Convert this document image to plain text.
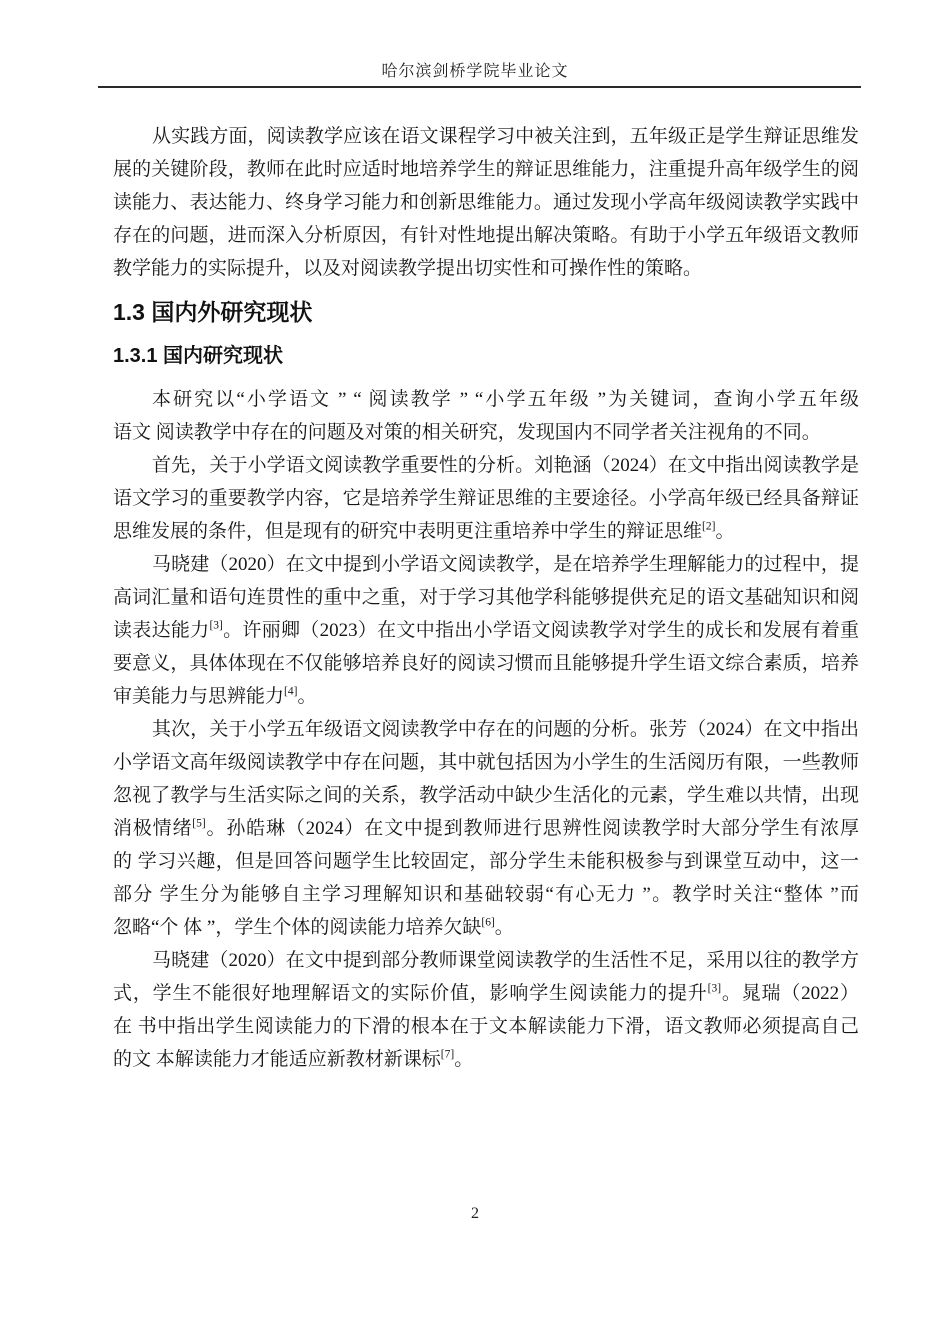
哈尔滨剑桥学院毕业论文
从实践方面，阅读教学应该在语文课程学习中被关注到，五年级正是学生辩证思维发
展的关键阶段，教师在此时应适时地培养学生的辩证思维能力，注重提升高年级学生的阅
读能力、表达能力、终身学习能力和创新思维能力。通过发现小学高年级阅读教学实践中
存在的问题，进而深入分析原因，有针对性地提出解决策略。有助于小学五年级语文教师
教学能力的实际提升，以及对阅读教学提出切实性和可操作性的策略。
1.3 国内外研究现状
1.3.1 国内研究现状
本研究以“小学语文 ” “ 阅读教学 ” “小学五年级 ”为关键词，查询小学五年级
语文 阅读教学中存在的问题及对策的相关研究，发现国内不同学者关注视角的不同。
首先，关于小学语文阅读教学重要性的分析。刘艳涵（2024）在文中指出阅读教学是
语文学习的重要教学内容，它是培养学生辩证思维的主要途径。小学高年级已经具备辩证
思维发展的条件，但是现有的研究中表明更注重培养中学生的辩证思维[2]。
马晓建（2020）在文中提到小学语文阅读教学，是在培养学生理解能力的过程中，提
高词汇量和语句连贯性的重中之重，对于学习其他学科能够提供充足的语文基础知识和阅
读表达能力[3]。许丽卿（2023）在文中指出小学语文阅读教学对学生的成长和发展有着重
要意义，具体体现在不仅能够培养良好的阅读习惯而且能够提升学生语文综合素质，培养
审美能力与思辨能力[4]。
其次，关于小学五年级语文阅读教学中存在的问题的分析。张芳（2024）在文中指出
小学语文高年级阅读教学中存在问题，其中就包括因为小学生的生活阅历有限，一些教师
忽视了教学与生活实际之间的关系，教学活动中缺少生活化的元素，学生难以共情，出现
消极情绪[5]。孙皓琳（2024）在文中提到教师进行思辨性阅读教学时大部分学生有浓厚
的 学习兴趣，但是回答问题学生比较固定，部分学生未能积极参与到课堂互动中，这一
部分 学生分为能够自主学习理解知识和基础较弱“有心无力 ”。教学时关注“整体 ”而
忽略“个 体 ”，学生个体的阅读能力培养欠缺[6]。
马晓建（2020）在文中提到部分教师课堂阅读教学的生活性不足，采用以往的教学方
式，学生不能很好地理解语文的实际价值，影响学生阅读能力的提升[3]。晁瑞（2022）
在 书中指出学生阅读能力的下滑的根本在于文本解读能力下滑，语文教师必须提高自己
的文 本解读能力才能适应新教材新课标[7]。
2
